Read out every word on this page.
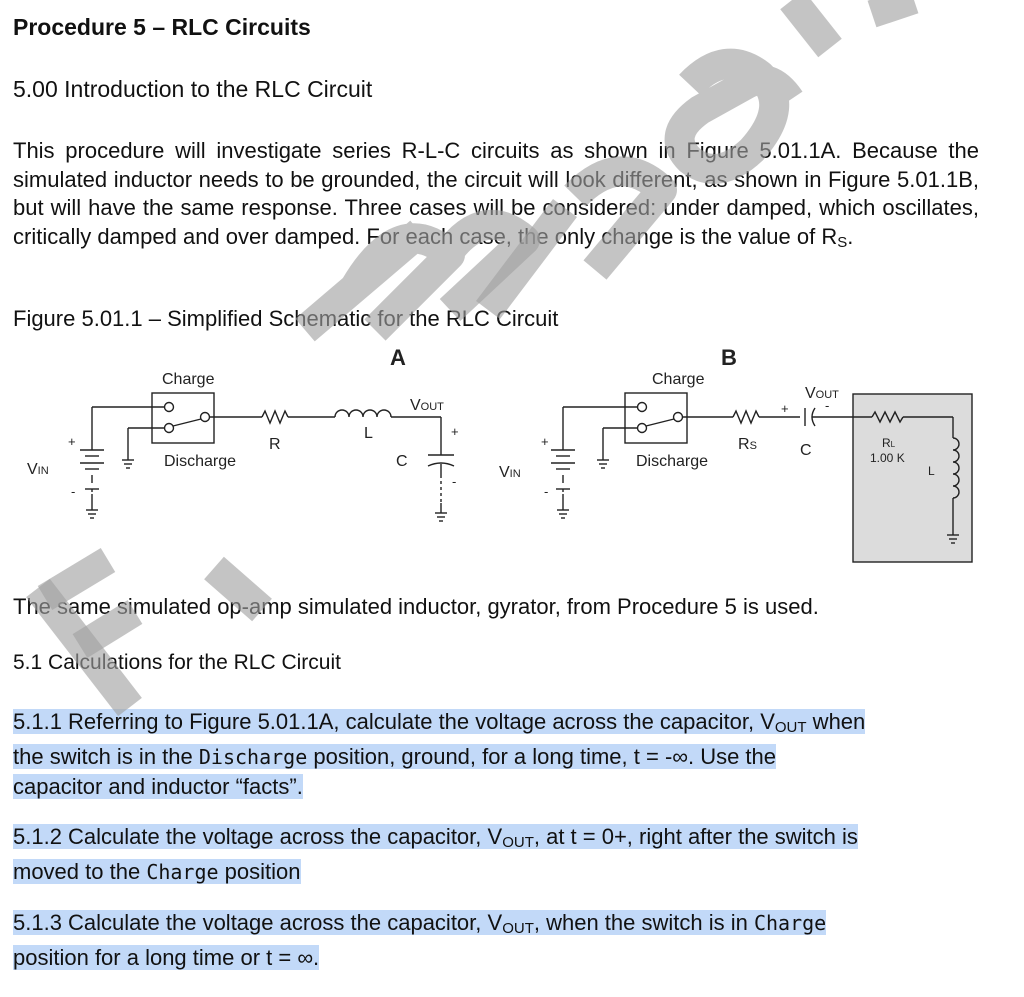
Procedure 5 – RLC Circuits
5.00 Introduction to the RLC Circuit

This procedure will investigate series R-L-C circuits as shown in Figure 5.01.1A. Because the simulated inductor needs to be grounded, the circuit will look different, as shown in Figure 5.01.1B, but will have the same response. Three cases will be considered: under damped, which oscillates, critically damped and over damped. For each case, the only change is the value of $R_S$.

Figure 5.01.1 – Simplified Schematic for the RLC Circuit
The same simulated op-amp simulated inductor, gyrator, from Procedure 5 is used.
5.1 Calculations for the RLC Circuit
5.1.1 Referring to Figure 5.01.1A, calculate the voltage across the capacitor, $V_{OUT}$ when
the switch is in the Discharge position, ground, for a long time, t = -∞. Use the
capacitor and inductor “facts”.
5.1.2 Calculate the voltage across the capacitor, $V_{OUT}$, at t = 0+, right after the switch is
moved to the Charge position
5.1.3 Calculate the voltage across the capacitor, $V_{OUT}$, when the switch is in Charge
position for a long time or t = ∞.
A
Charge
Discharge
VIN
+
-
R
L
VOUT
+
C
-
B
Charge
Discharge
VIN
+
-
RS
+	-
VOUT
C	RL
1.00 K
L
